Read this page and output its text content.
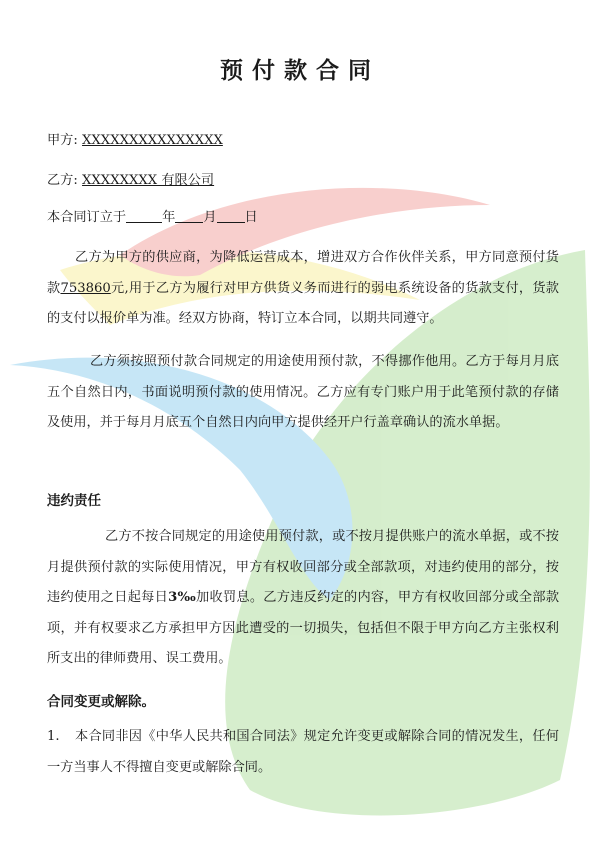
预付款合同
甲方: XXXXXXXXXXXXXXX
乙方: XXXXXXXX 有限公司
本合同订立于	年 月 日

乙方为甲方的供应商，为降低运营成本，增进双方合作伙伴关系，甲方同意预付货款753860元,用于乙方为履行对甲方供货义务而进行的弱电系统设备的货款支付，货款的支付以报价单为准。经双方协商，特订立本合同，以期共同遵守。

乙方须按照预付款合同规定的用途使用预付款，不得挪作他用。乙方于每月月底五个自然日内，书面说明预付款的使用情况。乙方应有专门账户用于此笔预付款的存储及使用，并于每月月底五个自然日内向甲方提供经开户行盖章确认的流水单据。

违约责任

乙方不按合同规定的用途使用预付款，或不按月提供账户的流水单据，或不按月提供预付款的实际使用情况，甲方有权收回部分或全部款项，对违约使用的部分，按违约使用之日起每日3‰加收罚息。乙方违反约定的内容，甲方有权收回部分或全部款项，并有权要求乙方承担甲方因此遭受的一切损失，包括但不限于甲方向乙方主张权利所支出的律师费用、误工费用。

合同变更或解除。
1.	本合同非因《中华人民共和国合同法》规定允许变更或解除合同的情况发生，任何一方当事人不得擅自变更或解除合同。
